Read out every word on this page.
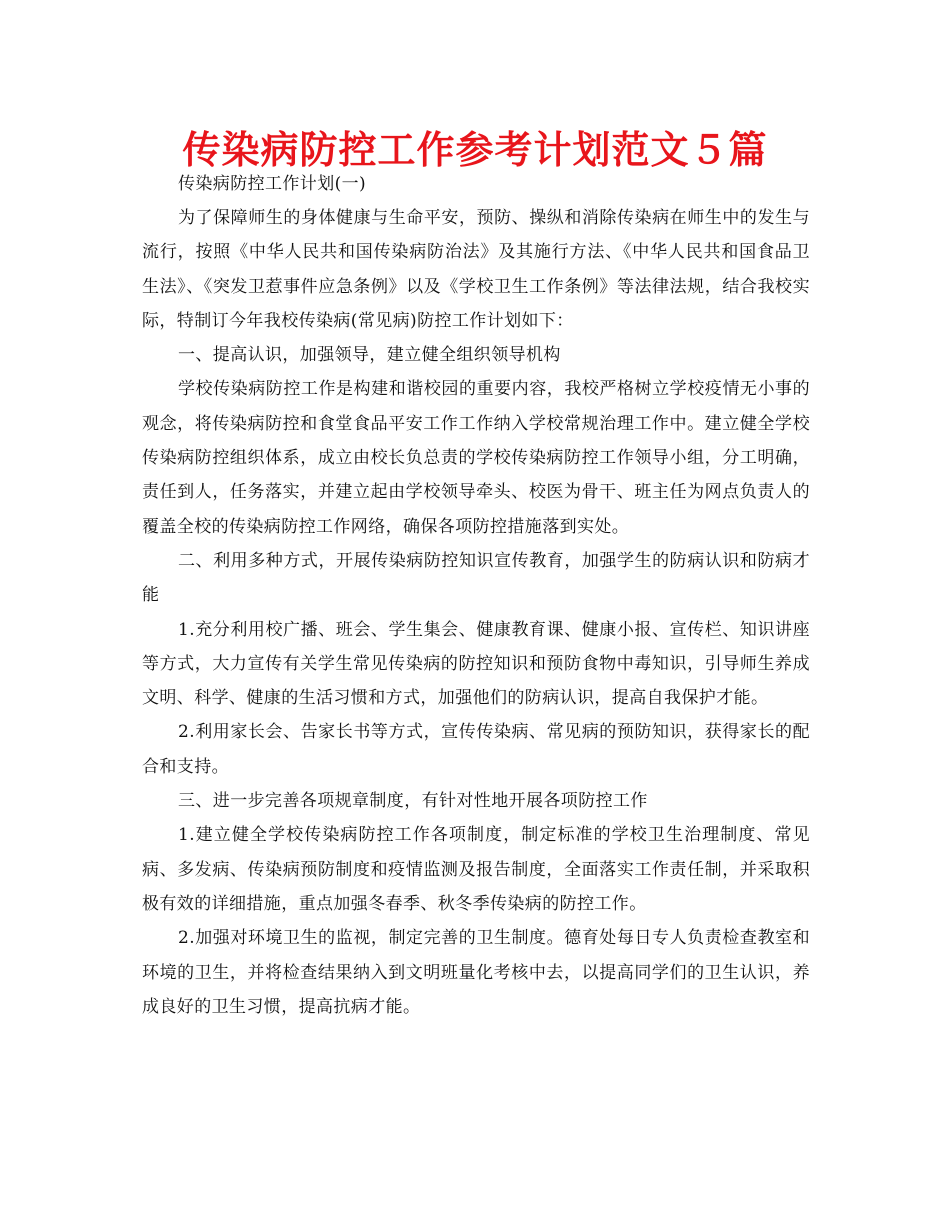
传染病防控工作参考计划范文５篇

传染病防控工作计划(一)

为了保障师生的身体健康与生命平安，预防、操纵和消除传染病在师生中的发生与流行，按照《中华人民共和国传染病防治法》及其施行方法、《中华人民共和国食品卫生法》、《突发卫惹事件应急条例》以及《学校卫生工作条例》等法律法规，结合我校实际，特制订今年我校传染病(常见病)防控工作计划如下：

一、提高认识，加强领导，建立健全组织领导机构

学校传染病防控工作是构建和谐校园的重要内容，我校严格树立学校疫情无小事的观念，将传染病防控和食堂食品平安工作工作纳入学校常规治理工作中。建立健全学校传染病防控组织体系，成立由校长负总责的学校传染病防控工作领导小组，分工明确，责任到人，任务落实，并建立起由学校领导牵头、校医为骨干、班主任为网点负责人的覆盖全校的传染病防控工作网络，确保各项防控措施落到实处。

二、利用多种方式，开展传染病防控知识宣传教育，加强学生的防病认识和防病才能

1.充分利用校广播、班会、学生集会、健康教育课、健康小报、宣传栏、知识讲座等方式，大力宣传有关学生常见传染病的防控知识和预防食物中毒知识，引导师生养成文明、科学、健康的生活习惯和方式，加强他们的防病认识，提高自我保护才能。

2.利用家长会、告家长书等方式，宣传传染病、常见病的预防知识，获得家长的配合和支持。

三、进一步完善各项规章制度，有针对性地开展各项防控工作

1.建立健全学校传染病防控工作各项制度，制定标准的学校卫生治理制度、常见病、多发病、传染病预防制度和疫情监测及报告制度，全面落实工作责任制，并采取积极有效的详细措施，重点加强冬春季、秋冬季传染病的防控工作。

2.加强对环境卫生的监视，制定完善的卫生制度。德育处每日专人负责检查教室和环境的卫生，并将检查结果纳入到文明班量化考核中去，以提高同学们的卫生认识，养成良好的卫生习惯，提高抗病才能。
